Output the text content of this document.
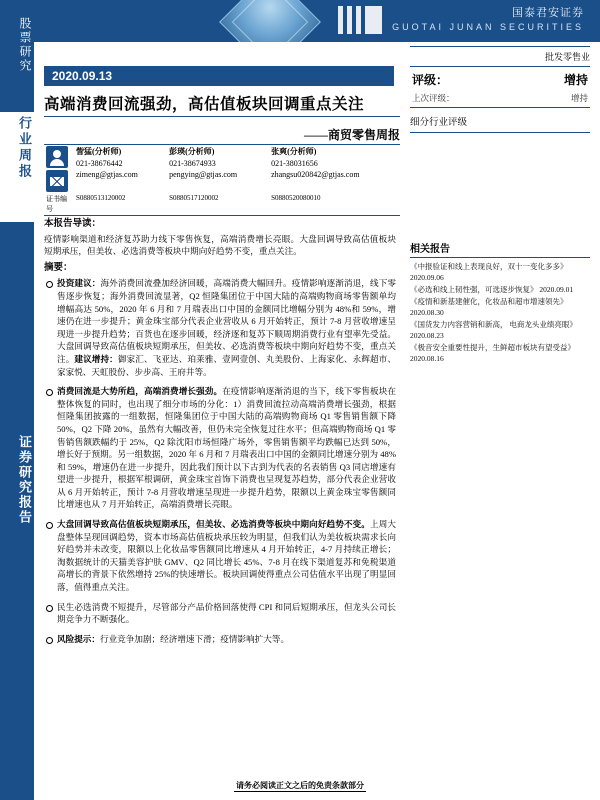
股票研究
行业周报
证券研究报告
国泰君安证券
GUOTAI JUNAN SECURITIES
批发零售业
评级：	增持
上次评级：	增持
细分行业评级
相关报告
《中报验证和线上表现良好，双十一变化多多》 2020.09.06
《必选和线上韧性强，可选逐步恢复》 2020.09.01
《疫情和新基建催化，化妆品和超市增速领先》 2020.08.30
《国货发力内容营销和新高， 电商龙头业绩亮眼》 2020.08.23
《极音安全重要性提升，生鲜超市板块有望受益》 2020.08.16
2020.09.13
高端消费回流强劲，高估值板块回调重点关注
——商贸零售周报
	訾猛(分析师)	彭瑛(分析师)	张爽(分析师)
	021-38676442	021-38674933	021-38031656
	zimeng@gtjas.com	pengying@gtjas.com	zhangsu020842@gtjas.com
证书编号	S0880513120002	S0880517120002	S0880520080010
本报告导读：
疫情影响渠道和经济复苏助力线下零售恢复，高端消费增长亮眼。大盘回调导致高估值板块短期承压，但美妆、必选消费等板块中期向好趋势不变，重点关注。
摘要：
投资建议：海外消费回流叠加经济回暖，高端消费大幅回升。疫情影响逐渐消退，线下零售逐步恢复；海外消费回流显著，Q2 恒隆集团位于中国大陆的高端购物商场零售额单均增幅高达 50%，2020 年 6 月和 7 月瑞表出口中国的金额同比增幅分别为 48%和 59%，增速仍在进一步提升；黄金珠宝部分代表企业营收从 6 月开始转正，预计 7-8 月营收增速呈现进一步提升趋势；百货也在逐步回暖，经济逐和复苏下顺周期消费行业有望率先受益。大盘回调导致高估值板块短期承压，但美妆、必选消费等板块中期向好趋势不变，重点关注。建议增持：御家汇、飞亚达、珀莱雅、壹网壹创、丸美股份、上海家化、永辉超市、家家悦、天虹股份、步步高、王府井等。
消费回流是大势所趋，高端消费增长强劲。在疫情影响逐渐消退的当下，线下零售板块在整体恢复的同时，也出现了细分市场的分化：1）消费回流拉动高端消费增长强劲，根据恒隆集团披露的一组数据，恒隆集团位于中国大陆的高端购物商场 Q1 零售销售额下降 50%，Q2 下降 20%，虽然有大幅改善，但仍未完全恢复过往水平；但高端购物商场 Q1 零售销售额跌幅约于 25%，Q2 除沈阳市场恒隆广场外，零售销售额平均跌幅已达到 50%，增长好于预期。另一组数据，2020 年 6 月和 7 月瑞表出口中国的金额同比增速分别为 48%和 59%，增速仍在进一步提升，因此我们预计以下古到为代表的名表销售 Q3 同店增速有望进一步提升，根据军根调研，黄金珠宝首饰下消费也呈现复苏趋势，部分代表企业营收从 6 月开始转正，预计 7-8 月营收增速呈现进一步提升趋势，限额以上黄金珠宝零售额同比增速也从 7 月开始转正，高端消费增长亮眼。
大盘回调导致高估值板块短期承压，但美妆、必选消费等板块中期向好趋势不变。上周大盘整体呈现回调趋势，资本市场高估值板块承压较为明显，但我们认为美妆板块需求长向好趋势并未改变，限额以上化妆品零售额同比增速从 4 月开始转正，4-7 月持续正增长；淘数据统计的天猫美容护肤 GMV、Q2 同比增长 45%、7-8 月在线下渠道复苏和免税渠道高增长的背景下依然增持 25%的快速增长。板块回调使得重点公司估值水平出现了明显回落，值得重点关注。
民生必选消费不短提升，尽管部分产品价格回落使得 CPI 和同后短期承压，但龙头公司长期竞争力不断强化。
风险提示：行业竞争加剧；经济增速下滑；疫情影响扩大等。
请务必阅读正文之后的免责条款部分
